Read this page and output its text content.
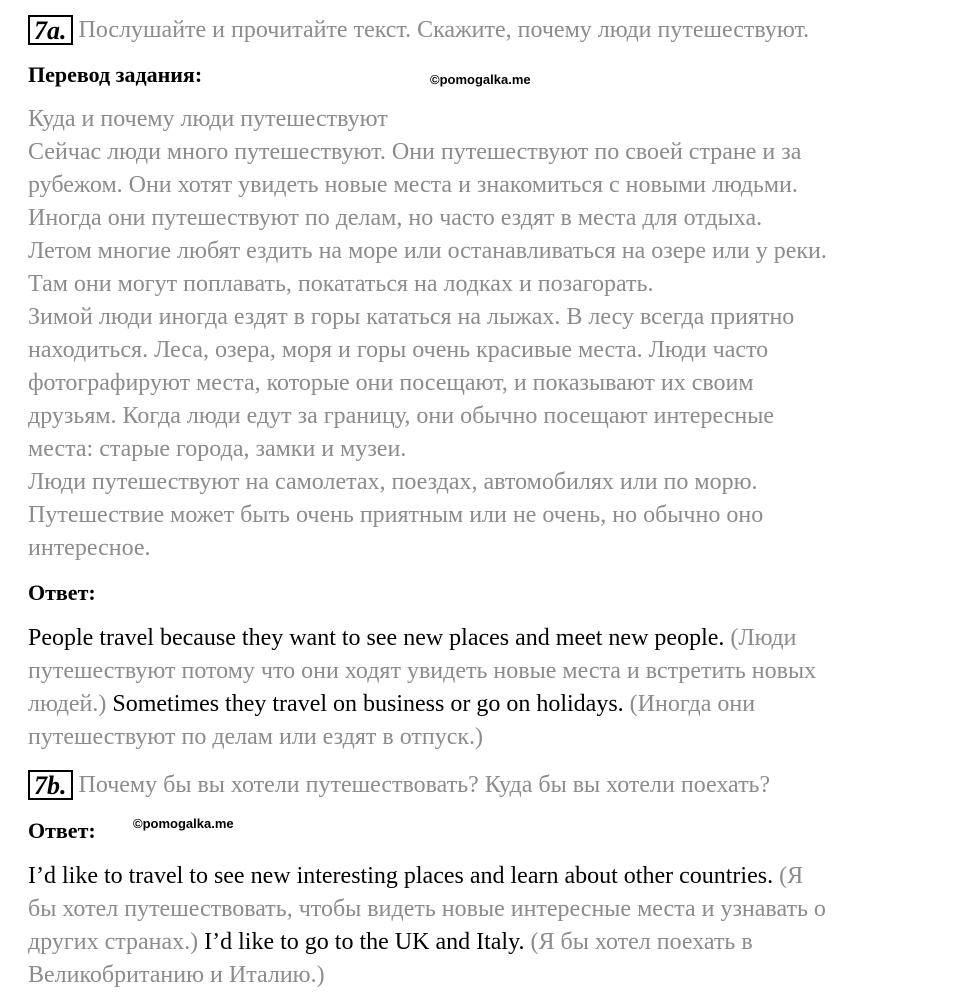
7a. Послушайте и прочитайте текст. Скажите, почему люди путешествуют.
Перевод задания:	©pomogalka.me
Куда и почему люди путешествуют
Сейчас люди много путешествуют. Они путешествуют по своей стране и за
рубежом. Они хотят увидеть новые места и знакомиться с новыми людьми.
Иногда они путешествуют по делам, но часто ездят в места для отдыха.
Летом многие любят ездить на море или останавливаться на озере или у реки.
Там они могут поплавать, покататься на лодках и позагорать.
Зимой люди иногда ездят в горы кататься на лыжах. В лесу всегда приятно
находиться. Леса, озера, моря и горы очень красивые места. Люди часто
фотографируют места, которые они посещают, и показывают их своим
друзьям. Когда люди едут за границу, они обычно посещают интересные
места: старые города, замки и музеи.
Люди путешествуют на самолетах, поездах, автомобилях или по морю.
Путешествие может быть очень приятным или не очень, но обычно оно
интересное.
Ответ:
People travel because they want to see new places and meet new people. (Люди
путешествуют потому что они ходят увидеть новые места и встретить новых
людей.) Sometimes they travel on business or go on holidays. (Иногда они
путешествуют по делам или ездят в отпуск.)
7b. Почему бы вы хотели путешествовать? Куда бы вы хотели поехать?
Ответ:	©pomogalka.me
I’d like to travel to see new interesting places and learn about other countries. (Я
бы хотел путешествовать, чтобы видеть новые интересные места и узнавать о
других странах.) I’d like to go to the UK and Italy. (Я бы хотел поехать в
Великобританию и Италию.)
